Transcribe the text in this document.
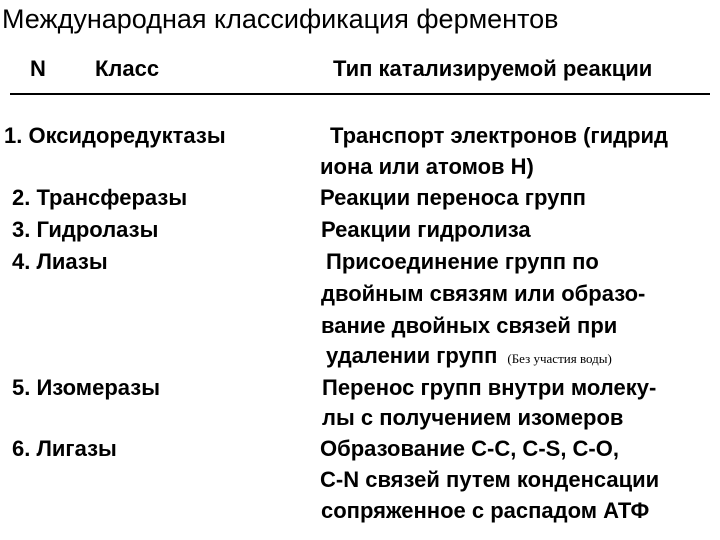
Международная классификация ферментов
N Класс	Тип катализируемой реакции
1. Оксидоредуктазы
2. Трансферазы
3. Гидролазы
4. Лиазы
5. Изомеразы
6. Лигазы
Транспорт электронов (гидрид
иона или атомов Н)
Реакции переноса групп
Реакции гидролиза
Присоединение групп по
двойным связям или образо-
вание двойных связей при
удалении групп (Без участия воды)
Перенос групп внутри молеку-
лы с получением изомеров
Образование С-С, С-S, С-О,
С-N связей путем конденсации
сопряженное с распадом АТФ
